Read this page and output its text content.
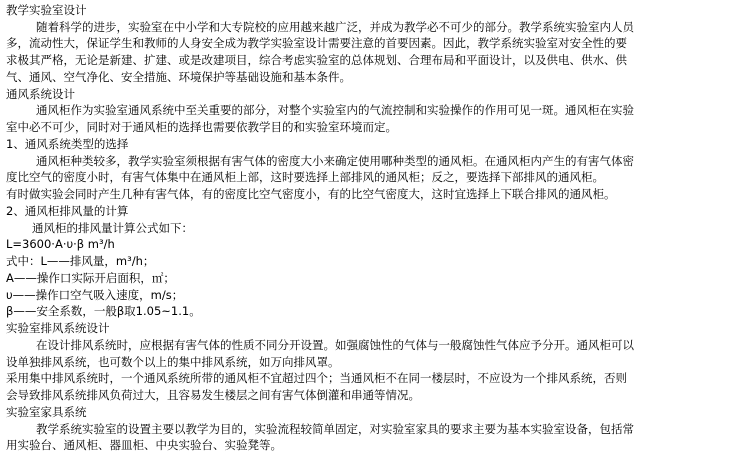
教学实验室设计
随着科学的进步，实验室在中小学和大专院校的应用越来越广泛，并成为教学必不可少的部分。教学系统实验室内人员
多，流动性大，保证学生和教师的人身安全成为教学实验室设计需要注意的首要因素。因此，教学系统实验室对安全性的要
求极其严格，无论是新建、扩建、或是改建项目，综合考虑实验室的总体规划、合理布局和平面设计，以及供电、供水、供
气、通风、空气净化、安全措施、环境保护等基础设施和基本条件。
通风系统设计
通风柜作为实验室通风系统中至关重要的部分，对整个实验室内的气流控制和实验操作的作用可见一斑。通风柜在实验
室中必不可少，同时对于通风柜的选择也需要依教学目的和实验室环境而定。
1、通风系统类型的选择
通风柜种类较多，教学实验室须根据有害气体的密度大小来确定使用哪种类型的通风柜。在通风柜内产生的有害气体密
度比空气的密度小时，有害气体集中在通风柜上部，这时要选择上部排风的通风柜；反之，要选择下部排风的通风柜。
有时做实验会同时产生几种有害气体，有的密度比空气密度小，有的比空气密度大，这时宜选择上下联合排风的通风柜。
2、通风柜排风量的计算
通风柜的排风量计算公式如下：
L=3600·A·υ·β m³/h
式中：L——排风量，m³/h；
A——操作口实际开启面积，㎡；
υ——操作口空气吸入速度，m/s；
β——安全系数，一般β取1.05~1.1。
实验室排风系统设计
在设计排风系统时，应根据有害气体的性质不同分开设置。如强腐蚀性的气体与一般腐蚀性气体应予分开。通风柜可以
设单独排风系统，也可数个以上的集中排风系统，如万向排风罩。
采用集中排风系统时，一个通风系统所带的通风柜不宜超过四个；当通风柜不在同一楼层时，不应设为一个排风系统，否则
会导致排风系统排风负荷过大，且容易发生楼层之间有害气体倒灌和串通等情况。
实验室家具系统
教学系统实验室的设置主要以教学为目的，实验流程较简单固定，对实验室家具的要求主要为基本实验室设备，包括常
用实验台、通风柜、器皿柜、中央实验台、实验凳等。
